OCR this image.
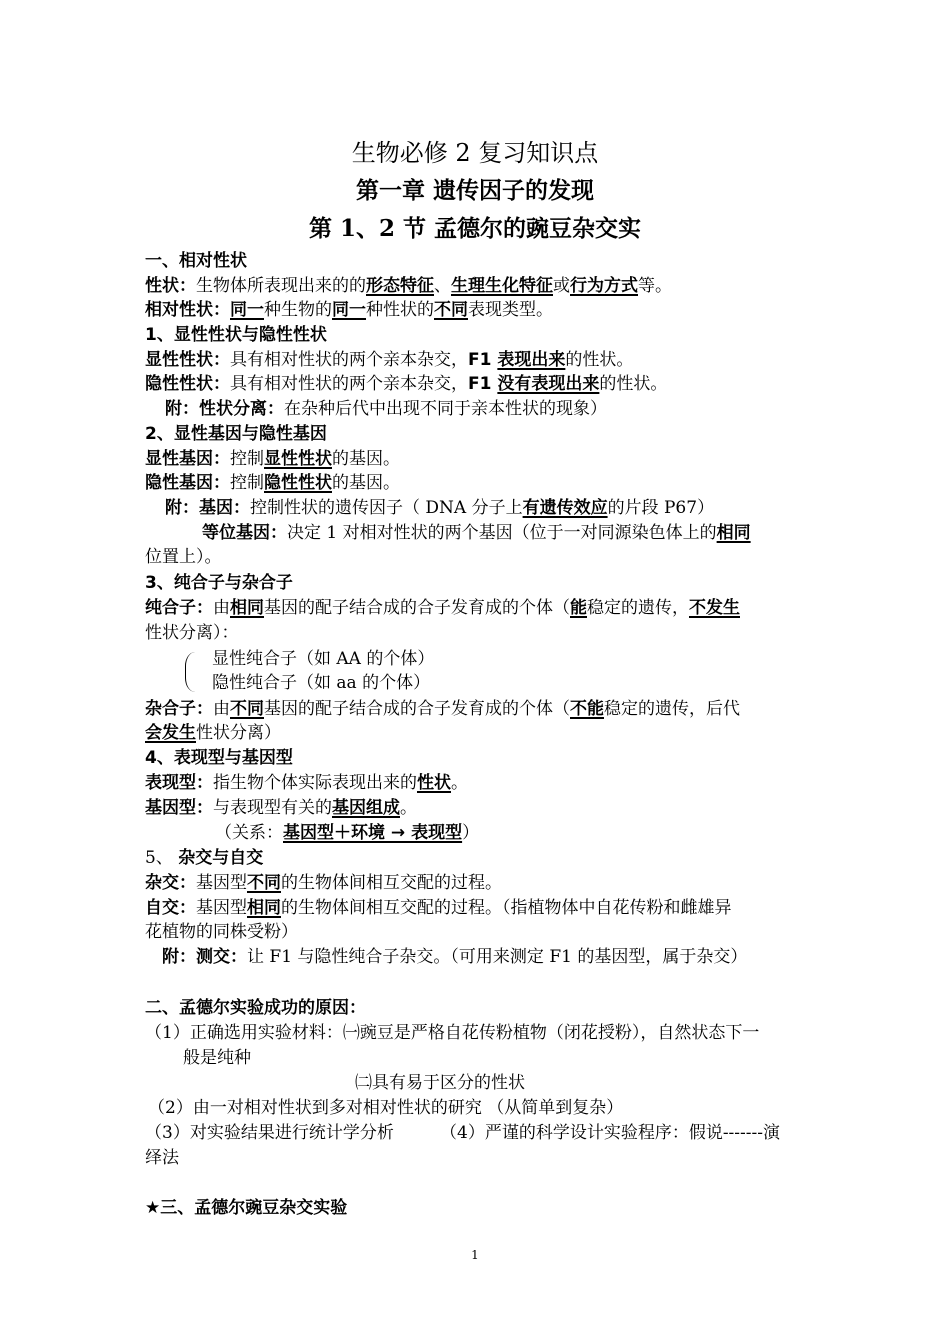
生物必修 2 复习知识点
第一章 遗传因子的发现
第 1、2 节 孟德尔的豌豆杂交实
一、相对性状
性状：生物体所表现出来的的形态特征、生理生化特征或行为方式等。
相对性状：同一种生物的同一种性状的不同表现类型。
1、显性性状与隐性性状
显性性状：具有相对性状的两个亲本杂交，F1 表现出来的性状。
隐性性状：具有相对性状的两个亲本杂交，F1 没有表现出来的性状。
附：性状分离：在杂种后代中出现不同于亲本性状的现象）
2、显性基因与隐性基因
显性基因：控制显性性状的基因。
隐性基因：控制隐性性状的基因。
附：基因：控制性状的遗传因子（ DNA 分子上有遗传效应的片段 P67）
等位基因：决定 1 对相对性状的两个基因（位于一对同源染色体上的相同
位置上）。
3、纯合子与杂合子
纯合子：由相同基因的配子结合成的合子发育成的个体（能稳定的遗传，不发生
性状分离）：
显性纯合子（如 AA 的个体）
隐性纯合子（如 aa 的个体）
杂合子：由不同基因的配子结合成的合子发育成的个体（不能稳定的遗传，后代
会发生性状分离）
4、表现型与基因型
表现型：指生物个体实际表现出来的性状。
基因型：与表现型有关的基因组成。
（关系：基因型＋环境 → 表现型）
5、 杂交与自交
杂交：基因型不同的生物体间相互交配的过程。
自交：基因型相同的生物体间相互交配的过程。（指植物体中自花传粉和雌雄异
花植物的同株受粉）
附：测交：让 F1 与隐性纯合子杂交。（可用来测定 F1 的基因型，属于杂交）
二、孟德尔实验成功的原因：
（1）正确选用实验材料：㈠豌豆是严格自花传粉植物（闭花授粉），自然状态下一
般是纯种
㈡具有易于区分的性状
（2）由一对相对性状到多对相对性状的研究 （从简单到复杂）
（3）对实验结果进行统计学分析	（4）严谨的科学设计实验程序：假说-------演
绎法
★三、孟德尔豌豆杂交实验
1
